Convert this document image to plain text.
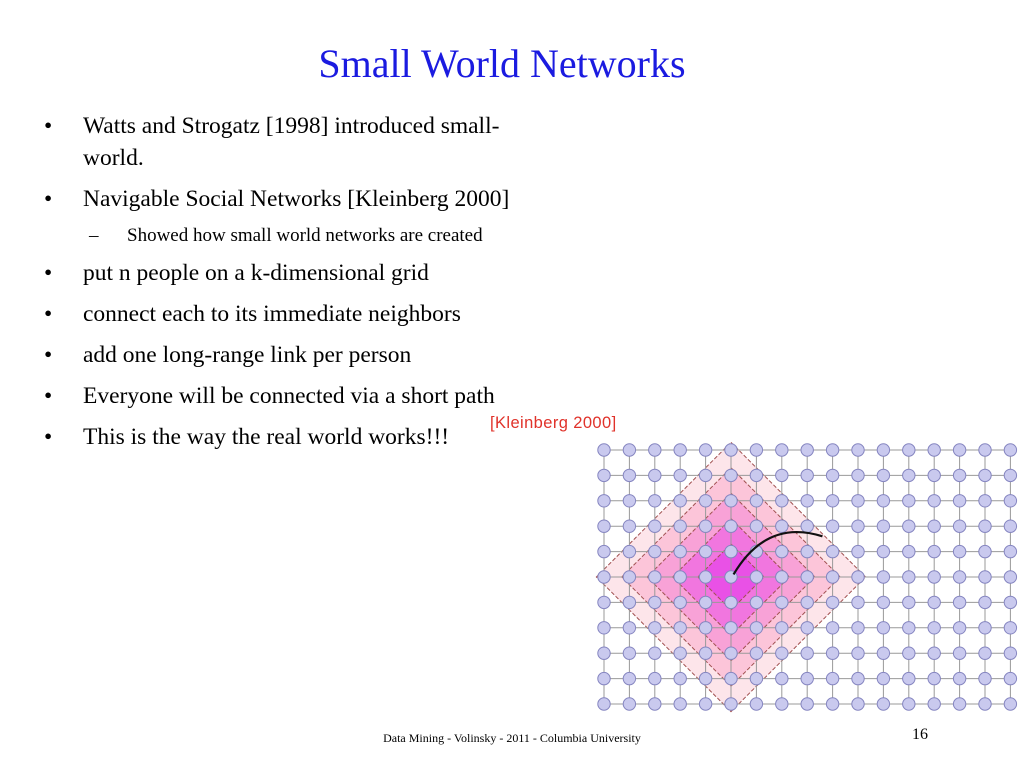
Small World Networks
• Watts and Strogatz [1998] introduced small-world.
• Navigable Social Networks [Kleinberg 2000]
– Showed how small world networks are created
• put n people on a k-dimensional grid
• connect each to its immediate neighbors
• add one long-range link per person
• Everyone will be connected via a short path
• This is the way the real world works!!!
[Kleinberg 2000]
Data Mining - Volinsky - 2011 - Columbia University	16
